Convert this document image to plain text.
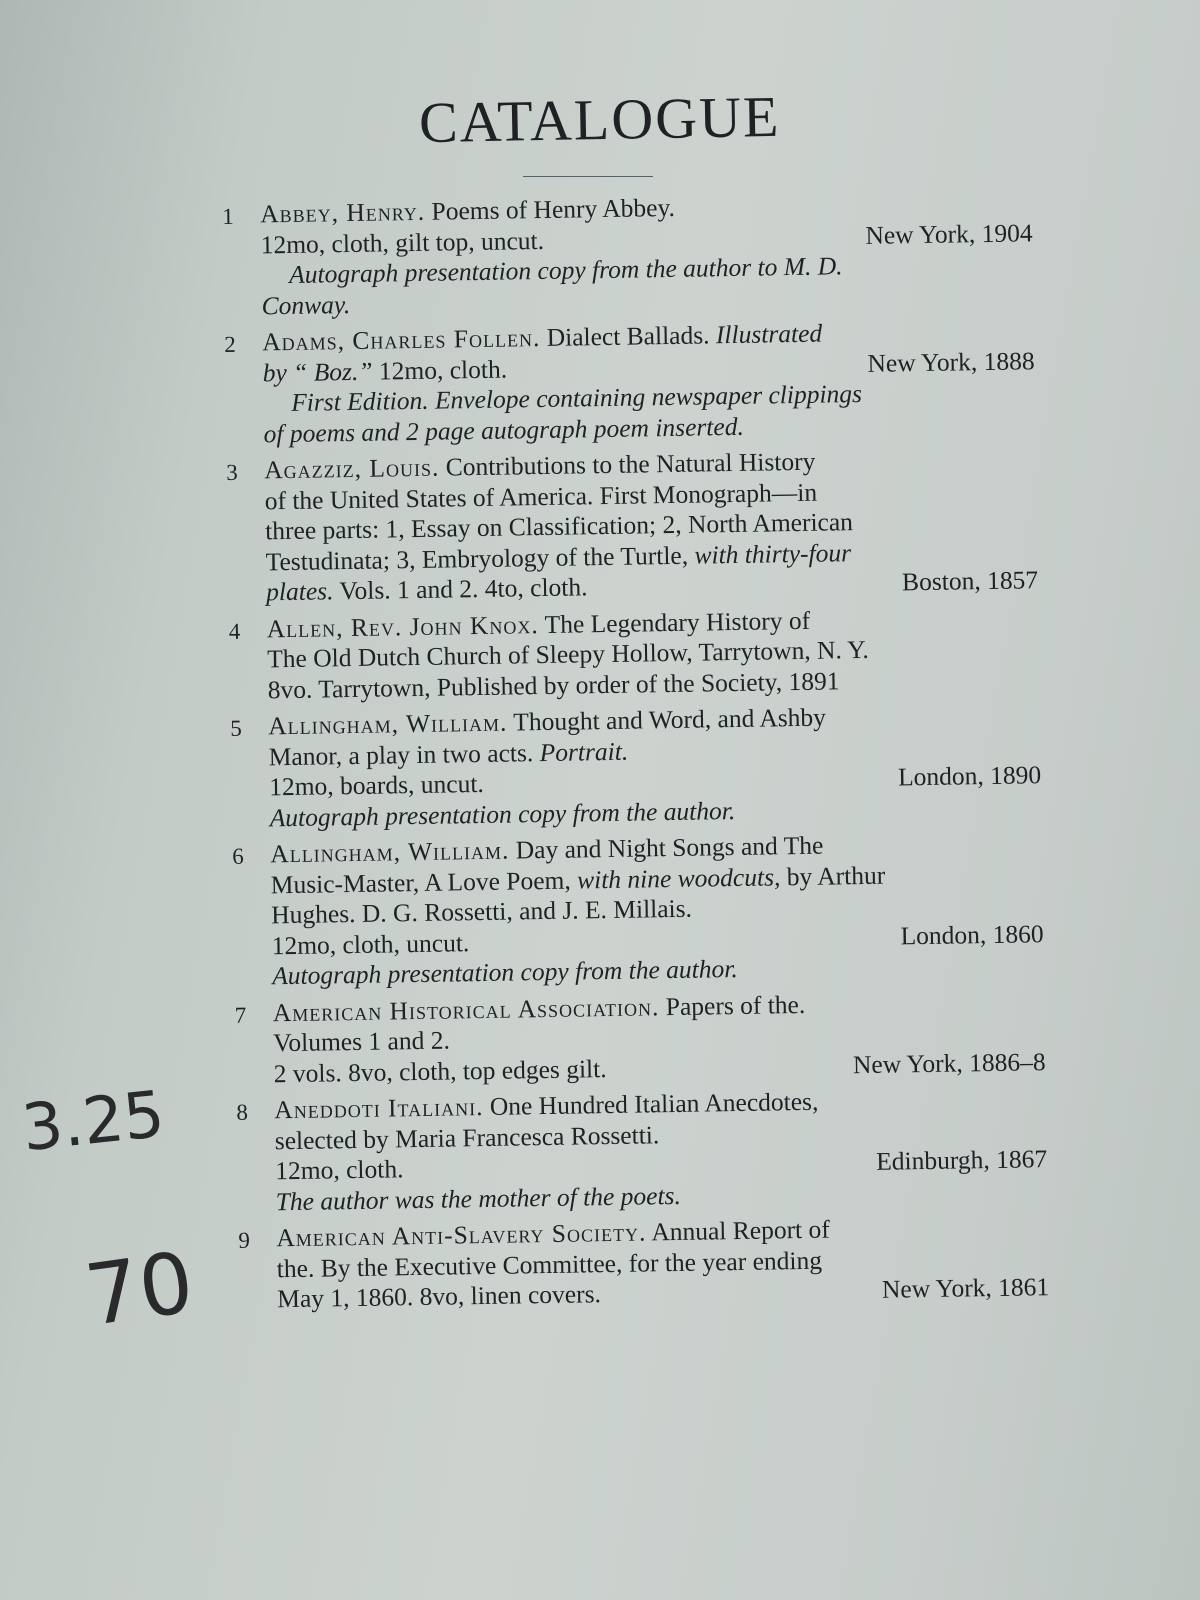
CATALOGUE
1 Abbey, Henry. Poems of Henry Abbey.
12mo, cloth, gilt top, uncut.	New York, 1904
Autograph presentation copy from the author to M. D.
Conway.
2 Adams, Charles Follen. Dialect Ballads. Illustrated
by “ Boz.” 12mo, cloth.	New York, 1888
First Edition. Envelope containing newspaper clippings
of poems and 2 page autograph poem inserted.
3 Agazziz, Louis. Contributions to the Natural History
of the United States of America. First Monograph—in
three parts: 1, Essay on Classification; 2, North American
Testudinata; 3, Embryology of the Turtle, with thirty-four
plates. Vols. 1 and 2. 4to, cloth.	Boston, 1857
4 Allen, Rev. John Knox. The Legendary History of
The Old Dutch Church of Sleepy Hollow, Tarrytown, N. Y.
8vo. Tarrytown, Published by order of the Society, 1891
5 Allingham, William. Thought and Word, and Ashby
Manor, a play in two acts. Portrait.
12mo, boards, uncut.	London, 1890
Autograph presentation copy from the author.
6 Allingham, William. Day and Night Songs and The
Music-Master, A Love Poem, with nine woodcuts, by Arthur
Hughes. D. G. Rossetti, and J. E. Millais.
12mo, cloth, uncut.	London, 1860
Autograph presentation copy from the author.
7 American Historical Association. Papers of the.
Volumes 1 and 2.
2 vols. 8vo, cloth, top edges gilt.	New York, 1886–8
8 Aneddoti Italiani. One Hundred Italian Anecdotes,
selected by Maria Francesca Rossetti.
12mo, cloth.	Edinburgh, 1867
The author was the mother of the poets.
9 American Anti-Slavery Society. Annual Report of
the. By the Executive Committee, for the year ending
May 1, 1860. 8vo, linen covers.	New York, 1861
3.25
70
